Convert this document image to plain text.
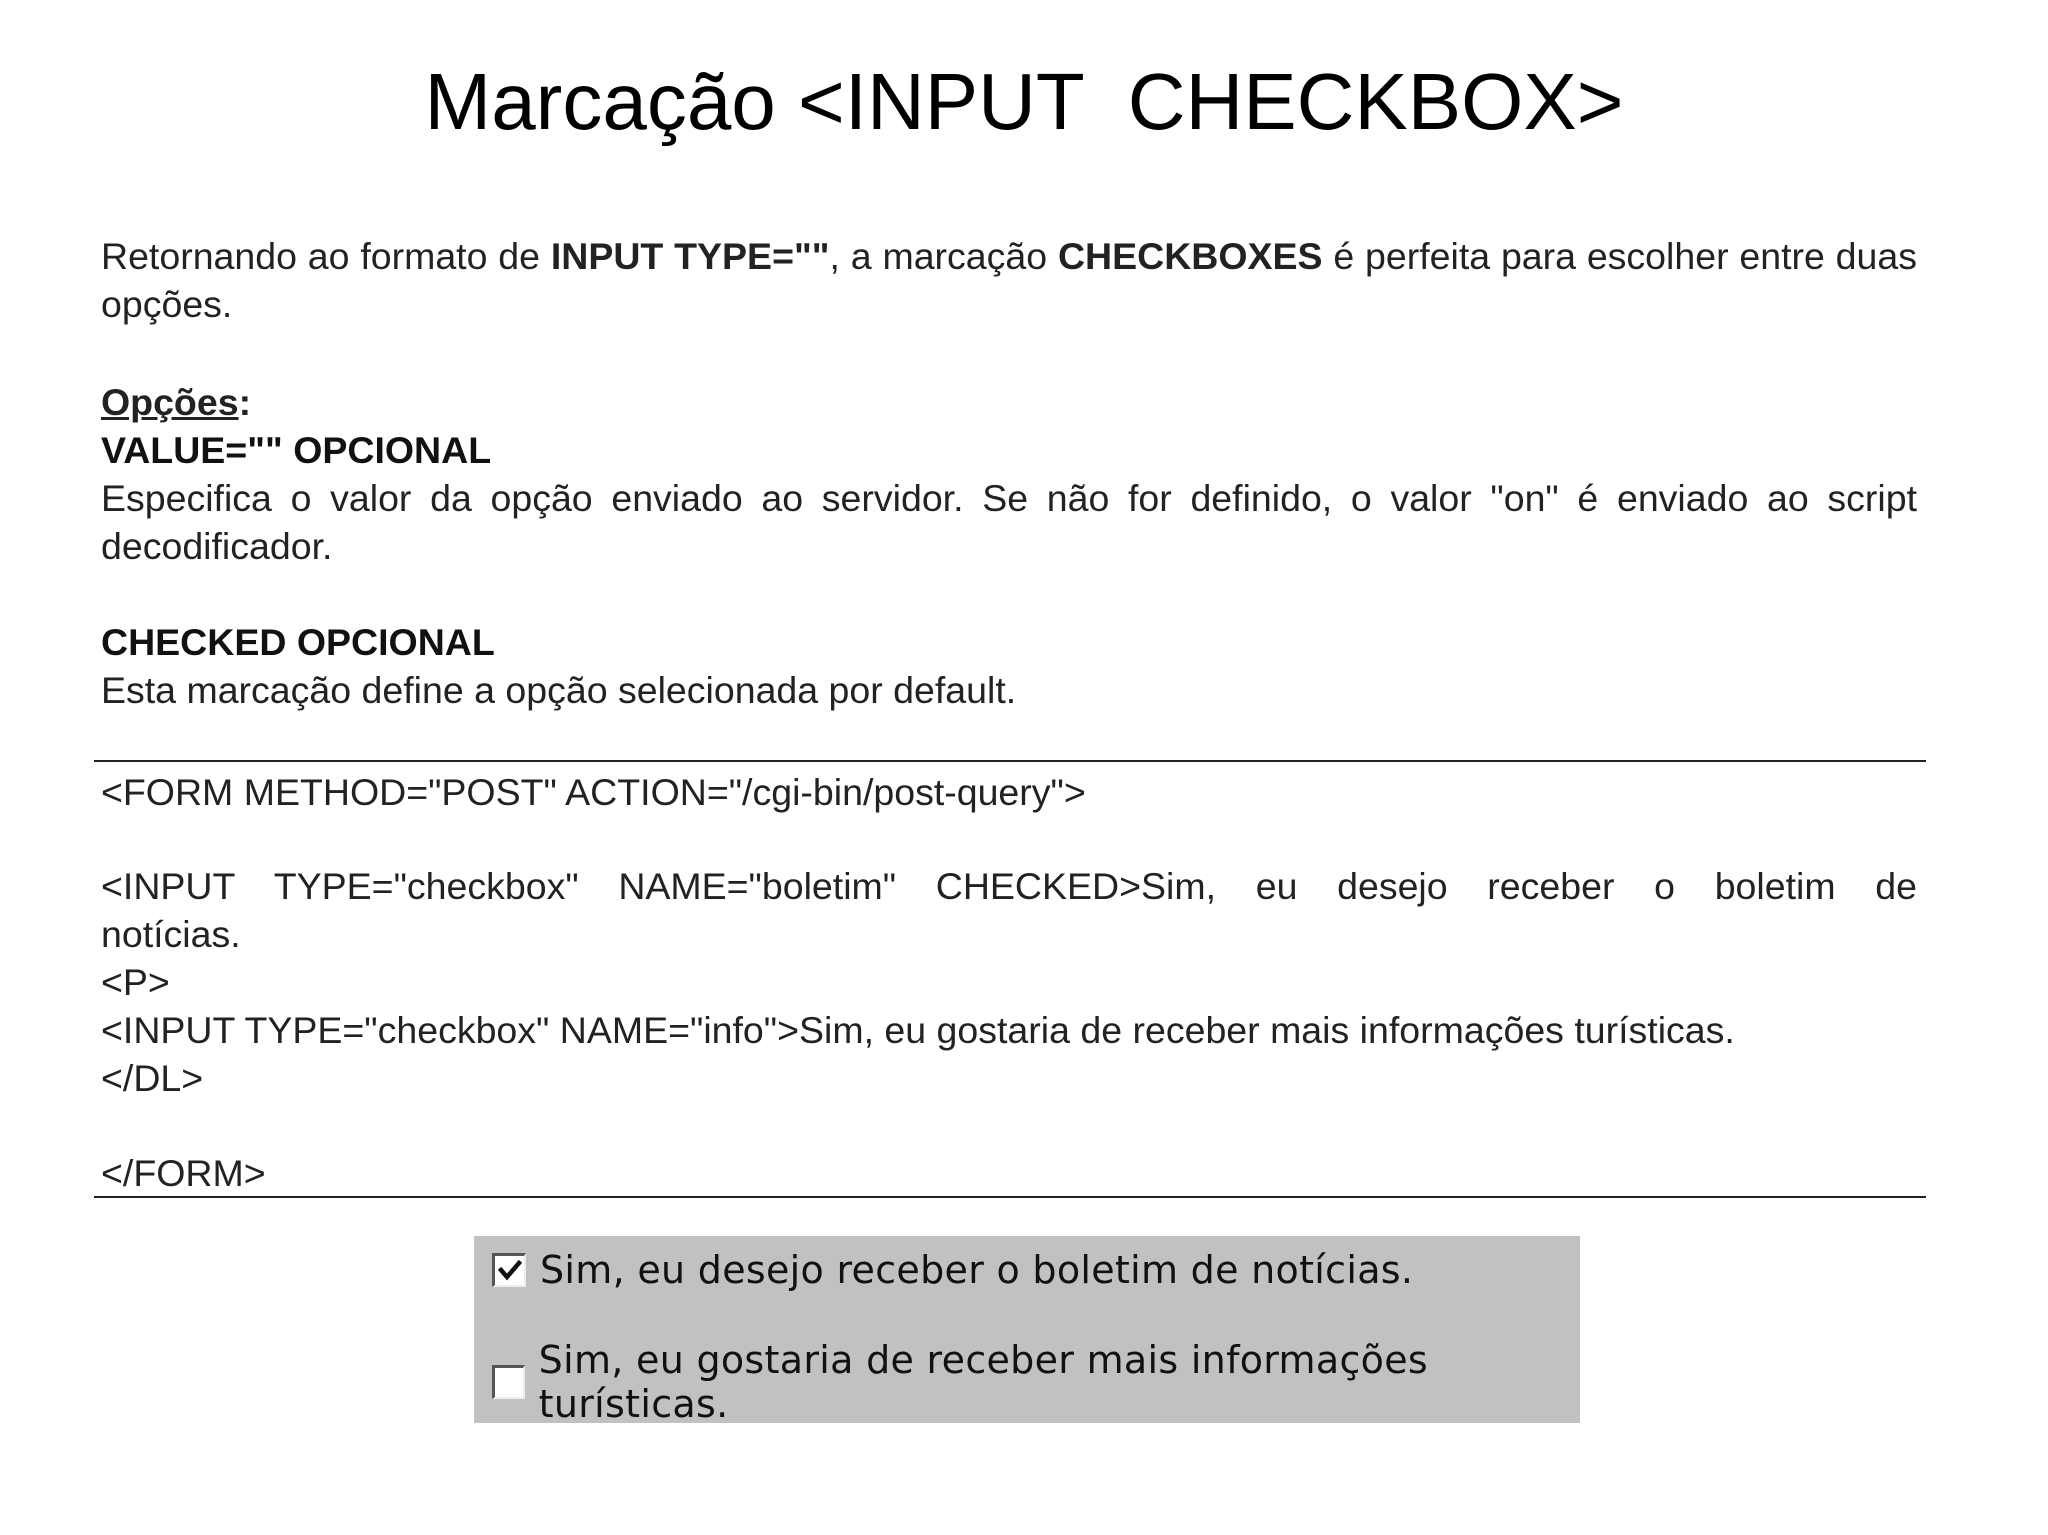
Marcação <INPUT  CHECKBOX>
Retornando ao formato de INPUT TYPE="", a marcação CHECKBOXES é perfeita para escolher entre duas opções.
Opções:
VALUE="" OPCIONAL
Especifica o valor da opção enviado ao servidor. Se não for definido, o valor "on" é enviado ao script decodificador.
CHECKED OPCIONAL
Esta marcação define a opção selecionada por default.
<FORM METHOD="POST" ACTION="/cgi-bin/post-query">
<INPUT TYPE="checkbox" NAME="boletim" CHECKED>Sim, eu desejo receber o boletim de
notícias.
<P>
<INPUT TYPE="checkbox" NAME="info">Sim, eu gostaria de receber mais informações turísticas.
</DL>
</FORM>
Sim, eu desejo receber o boletim de notícias.
Sim, eu gostaria de receber mais informações turísticas.
